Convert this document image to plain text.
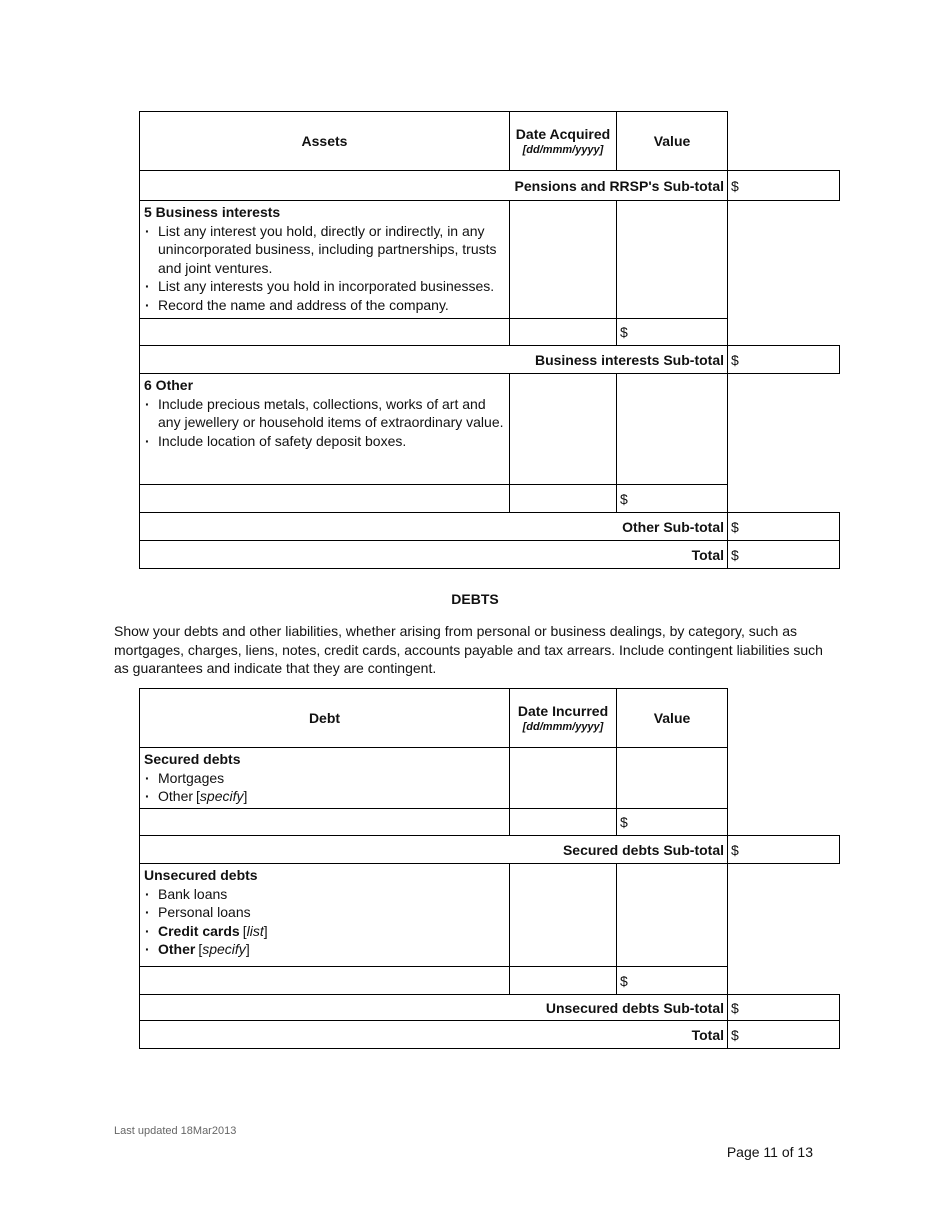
Assets	Date Acquired
[dd/mmm/yyyy]
Value
Pensions and RRSP's Sub-total $
5 Business interests
· List any interest you hold, directly or indirectly, in any unincorporated business, including partnerships, trusts and joint ventures.
· List any interests you hold in incorporated businesses.
· Record the name and address of the company.
$
Business interests Sub-total $
6 Other
· Include precious metals, collections, works of art and any jewellery or household items of extraordinary value.
· Include location of safety deposit boxes.
$
Other Sub-total $
Total $
DEBTS
Show your debts and other liabilities, whether arising from personal or business dealings, by category, such as mortgages, charges, liens, notes, credit cards, accounts payable and tax arrears. Include contingent liabilities such as guarantees and indicate that they are contingent.
Debt	Date Incurred
[dd/mmm/yyyy]
Value
Secured debts
· Mortgages
· Other [specify]
$
Secured debts Sub-total $
Unsecured debts
· Bank loans
· Personal loans
· Credit cards [list]
· Other [specify]
$
Unsecured debts Sub-total $
Total $
Last updated 18Mar2013
Page 11 of 13
